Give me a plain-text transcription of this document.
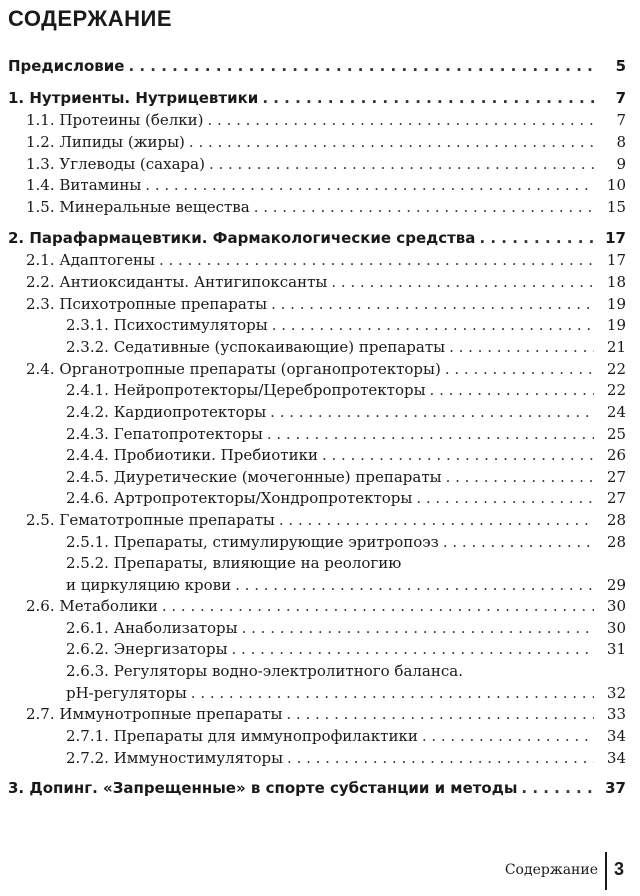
СОДЕРЖАНИЕ
Предисловие . . .	5
1. Нутриенты. Нутрицевтики . . .	7
1.1. Протеины (белки) . . .	7
1.2. Липиды (жиры) . . .	8
1.3. Углеводы (сахара) . . .	9
1.4. Витамины . . .	10
1.5. Минеральные вещества . . .	15
2. Парафармацевтики. Фармакологические средства . . .	17
2.1. Адаптогены . . .	17
2.2. Антиоксиданты. Антигипоксанты . . .	18
2.3. Психотропные препараты . . .	19
2.3.1. Психостимуляторы . . .	19
2.3.2. Седативные (успокаивающие) препараты . . .	21
2.4. Органотропные препараты (органопротекторы) . . .	22
2.4.1. Нейропротекторы/Церебропротекторы . . .	22
2.4.2. Кардиопротекторы . . .	24
2.4.3. Гепатопротекторы . . .	25
2.4.4. Пробиотики. Пребиотики . . .	26
2.4.5. Диуретические (мочегонные) препараты . . .	27
2.4.6. Артропротекторы/Хондропротекторы . . .	27
2.5. Гематотропные препараты . . .	28
2.5.1. Препараты, стимулирующие эритропоэз . . .	28
2.5.2. Препараты, влияющие на реологию
и циркуляцию крови . . .	29
2.6. Метаболики . . .	30
2.6.1. Анаболизаторы . . .	30
2.6.2. Энергизаторы . . .	31
2.6.3. Регуляторы водно-электролитного баланса.
pH-регуляторы . . .	32
2.7. Иммунотропные препараты . . .	33
2.7.1. Препараты для иммунопрофилактики . . .	34
2.7.2. Иммуностимуляторы . . .	34
3. Допинг. «Запрещенные» в спорте субстанции и методы . . .	37
Содержание 3
